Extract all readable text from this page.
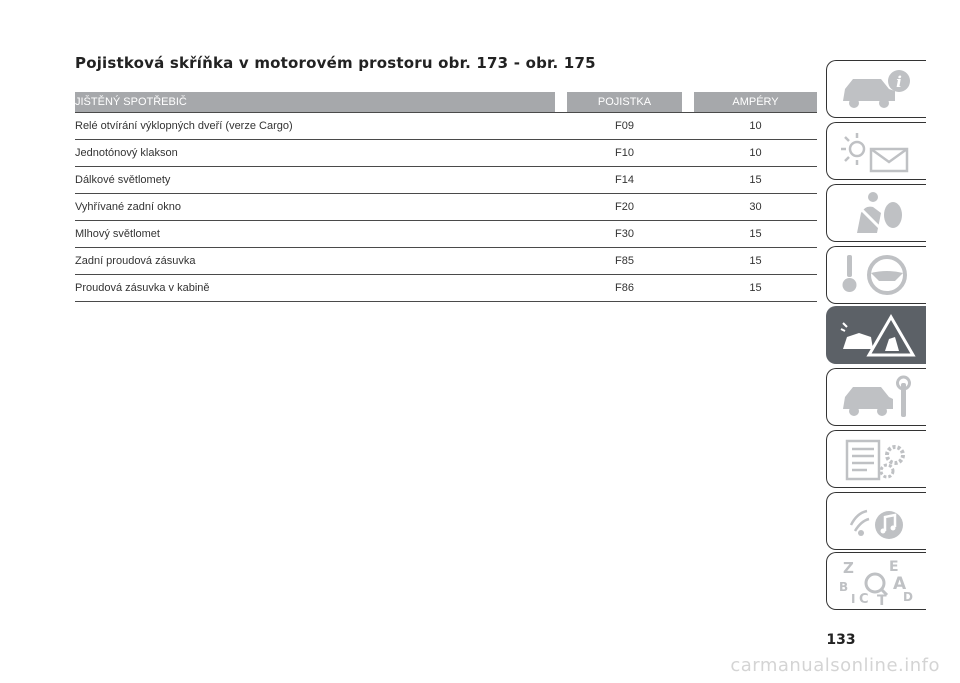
Pojistková skříňka v motorovém prostoru obr. 173 - obr. 175
JIŠTĚNÝ SPOTŘEBIČ		POJISTKA		AMPÉRY
Relé otvírání výklopných dveří (verze Cargo)		F09		10
Jednotónový klakson		F10		10
Dálkové světlomety		F14		15
Vyhřívané zadní okno		F20		30
Mlhový světlomet		F30		15
Zadní proudová zásuvka		F85		15
Proudová zásuvka v kabině		F86		15
i
Z	E
B	A
D
C T
I
133
carmanualsonline.info
